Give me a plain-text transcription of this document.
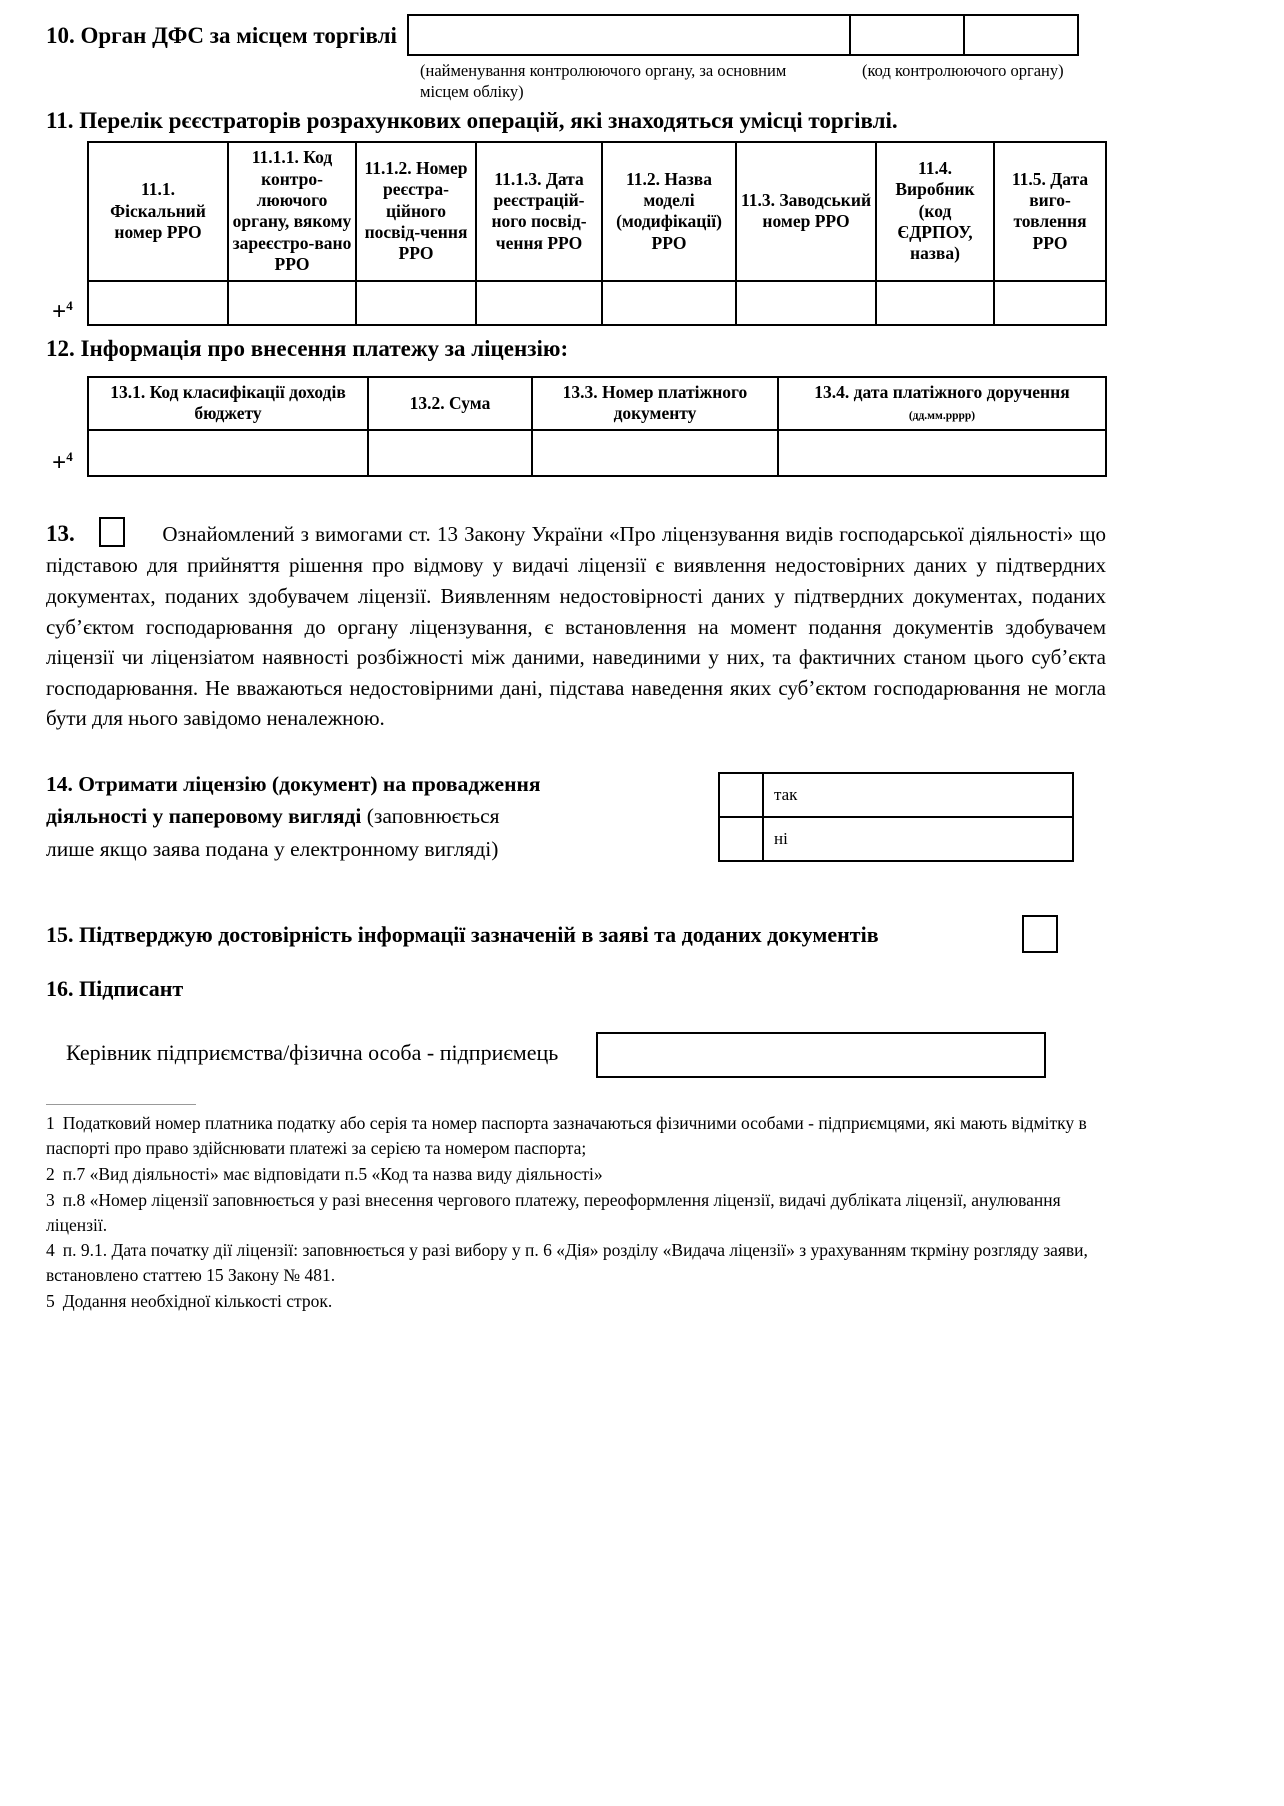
10. Орган ДФС за місцем торгівлі
(найменування контролюючого органу, за основним місцем обліку)
(код контролюючого органу)
11. Перелік рєєстраторів розрахункових операцій, які знаходяться умісці торгівлі.
	11.1. Фіскальний номер РРО	11.1.1. Код контро-люючого органу, вякому зареєстро-вано РРО	11.1.2. Номер реєстра-ційного посвід-чення РРО	11.1.3. Дата реєстрацій-ного посвід-чення РРО	11.2. Назва моделі (модифікації) РРО	11.3. Заводський номер РРО	11.4. Виробник (код ЄДРПОУ, назва)	11.5. Дата виго-товлення РРО
+$^4$								
12. Інформація про внесення платежу за ліцензію:
	13.1. Код класифікації доходів бюджету	13.2. Сума	13.3. Номер платіжного документу	13.4. дата платіжного доручення
(дд.мм.рррр)
+$^4$				
13.	Ознайомлений з вимогами ст. 13 Закону України «Про ліцензування видів господарської діяльності» що підставою для прийняття рішення про відмову у видачі ліцензії є виявлення недостовірних даних у підтвердних документах, поданих здобувачем ліцензії. Виявленням недостовірності даних у підтвердних документах, поданих суб’єктом господарювання до органу ліцензування, є встановлення на момент подання документів здобувачем ліцензії чи ліцензіатом наявності розбіжності між даними, навединими у них, та фактичних станом цього суб’єкта господарювання. Не вважаються недостовірними дані, підстава наведення яких суб’єктом господарювання не могла бути для нього завідомо неналежною.
14. Отримати ліцензію (документ) на провадження
діяльності у паперовому вигляді (заповнюється
лише якщо заява подана у електронному вигляді)
	так
	ні
15. Підтверджую достовірність інформації зазначеній в заяві та доданих документів
16. Підписант
Керівник підприємства/фізична особа - підприємець
1 Податковий номер платника податку або серія та номер паспорта зазначаються фізичними особами - підприємцями, які мають відмітку в паспорті про право здійснювати платежі за серією та номером паспорта;
2 п.7 «Вид діяльності» має відповідати п.5 «Код та назва виду діяльності»
3 п.8 «Номер ліцензії заповнюється у разі внесення чергового платежу, переоформлення ліцензії, видачі дубліката ліцензії, анулювання ліцензії.
4 п. 9.1. Дата початку дії ліцензії: заповнюється у разі вибору у п. 6 «Дія» розділу «Видача ліцензії» з урахуванням ткрміну розгляду заяви, встановлено статтею 15 Закону № 481.
5 Додання необхідної кількості строк.
